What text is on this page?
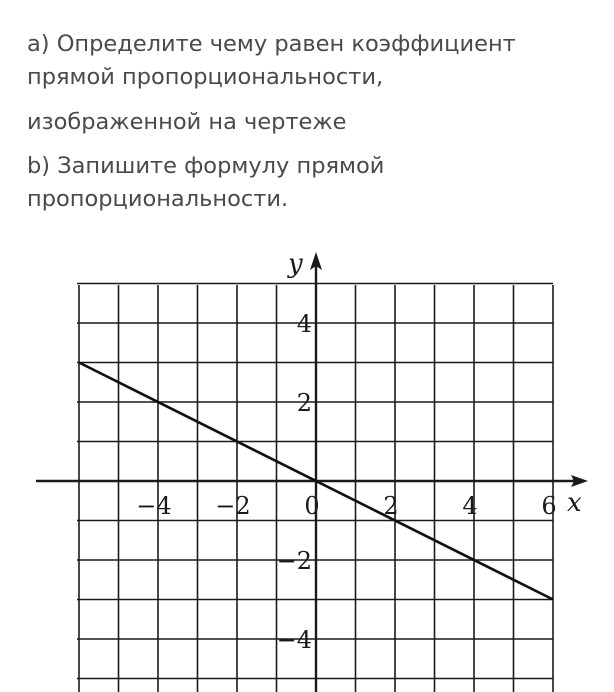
a) Определите чему равен коэффициент

прямой пропорциональности,

изображенной на чертеже

b) Запишите формулу прямой

пропорциональности.

x
y
−4 −2 0	2	4	6
4
2
−2
−4
